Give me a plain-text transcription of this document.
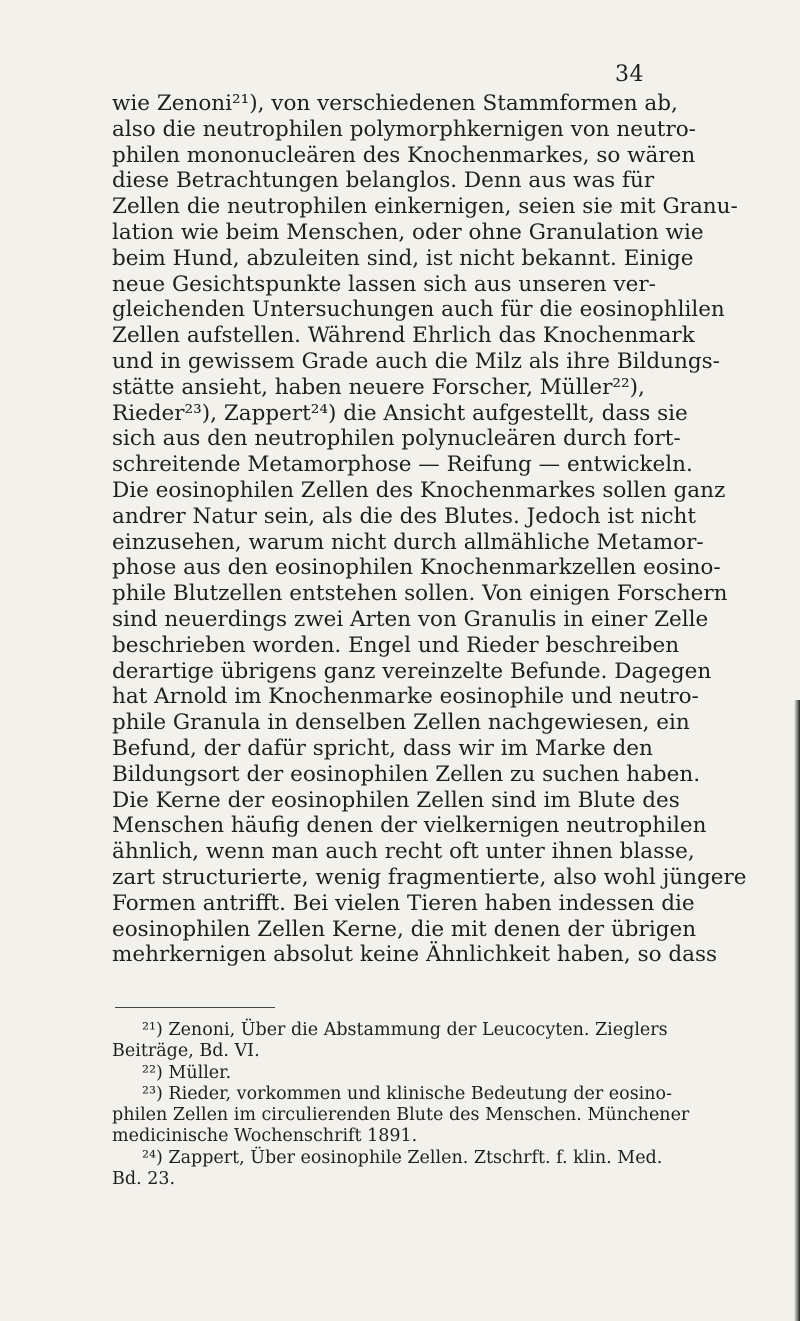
34
wie Zenoni²¹), von verschiedenen Stammformen ab,
also die neutrophilen polymorphkernigen von neutro-
philen mononucleären des Knochenmarkes, so wären
diese Betrachtungen belanglos. Denn aus was für
Zellen die neutrophilen einkernigen, seien sie mit Granu-
lation wie beim Menschen, oder ohne Granulation wie
beim Hund, abzuleiten sind, ist nicht bekannt. Einige
neue Gesichtspunkte lassen sich aus unseren ver-
gleichenden Untersuchungen auch für die eosinophlilen
Zellen aufstellen. Während Ehrlich das Knochenmark
und in gewissem Grade auch die Milz als ihre Bildungs-
stätte ansieht, haben neuere Forscher, Müller²²),
Rieder²³), Zappert²⁴) die Ansicht aufgestellt, dass sie
sich aus den neutrophilen polynucleären durch fort-
schreitende Metamorphose — Reifung — entwickeln.
Die eosinophilen Zellen des Knochenmarkes sollen ganz
andrer Natur sein, als die des Blutes. Jedoch ist nicht
einzusehen, warum nicht durch allmähliche Metamor-
phose aus den eosinophilen Knochenmarkzellen eosino-
phile Blutzellen entstehen sollen. Von einigen Forschern
sind neuerdings zwei Arten von Granulis in einer Zelle
beschrieben worden. Engel und Rieder beschreiben
derartige übrigens ganz vereinzelte Befunde. Dagegen
hat Arnold im Knochenmarke eosinophile und neutro-
phile Granula in denselben Zellen nachgewiesen, ein
Befund, der dafür spricht, dass wir im Marke den
Bildungsort der eosinophilen Zellen zu suchen haben.
Die Kerne der eosinophilen Zellen sind im Blute des
Menschen häufig denen der vielkernigen neutrophilen
ähnlich, wenn man auch recht oft unter ihnen blasse,
zart structurierte, wenig fragmentierte, also wohl jüngere
Formen antrifft. Bei vielen Tieren haben indessen die
eosinophilen Zellen Kerne, die mit denen der übrigen
mehrkernigen absolut keine Ähnlichkeit haben, so dass
²¹) Zenoni, Über die Abstammung der Leucocyten. Zieglers
Beiträge, Bd. VI.
²²) Müller.
²³) Rieder, vorkommen und klinische Bedeutung der eosino-
philen Zellen im circulierenden Blute des Menschen. Münchener
medicinische Wochenschrift 1891.
²⁴) Zappert, Über eosinophile Zellen. Ztschrft. f. klin. Med.
Bd. 23.
